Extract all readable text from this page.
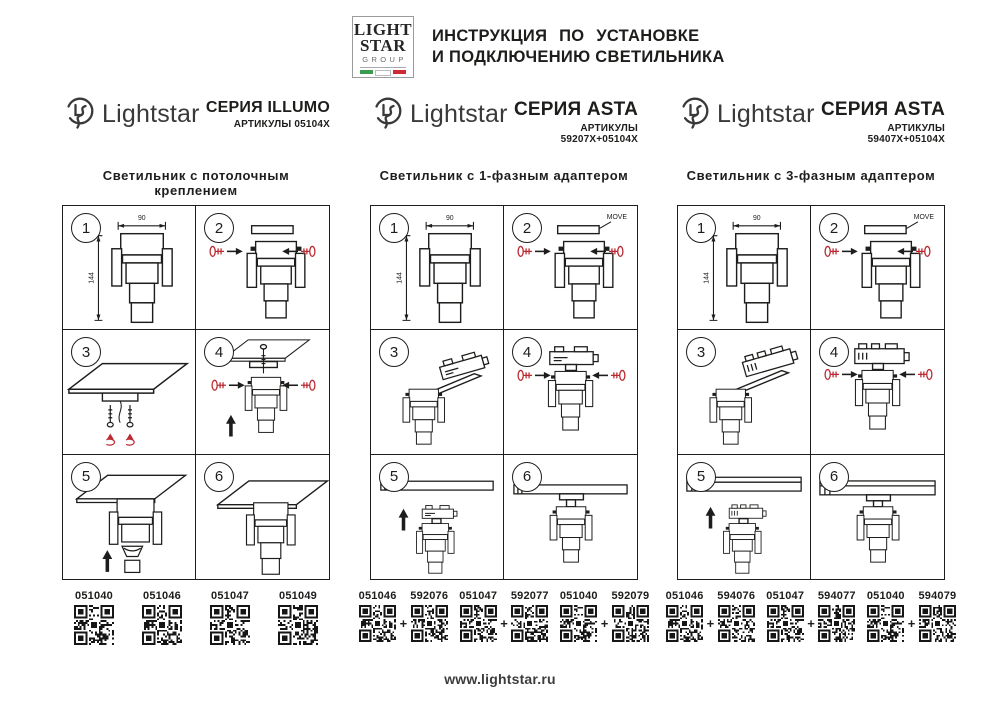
LIGHT
STAR
GROUP
ИНСТРУКЦИЯ ПО УСТАНОВКЕ
И ПОДКЛЮЧЕНИЮ СВЕТИЛЬНИКА
Lightstar СЕРИЯ ILLUMO
АРТИКУЛЫ 05104X
Светильник с потолочным креплением
1
90
144
2
3	4
5	6
051040	051046	051047	051049
Lightstar СЕРИЯ ASTA
АРТИКУЛЫ 59207X+05104X
Светильник с 1-фазным адаптером
1
90
144
2
MOVE
3	4
5	6
051046
+
592076 051047
+
592077 051040
+
592079
Lightstar СЕРИЯ ASTA
АРТИКУЛЫ 59407X+05104X
Светильник с 3-фазным адаптером
1
90
144
2
MOVE
3	4
5	6
051046
+
594076 051047
+
594077 051040
+
594079
www.lightstar.ru
